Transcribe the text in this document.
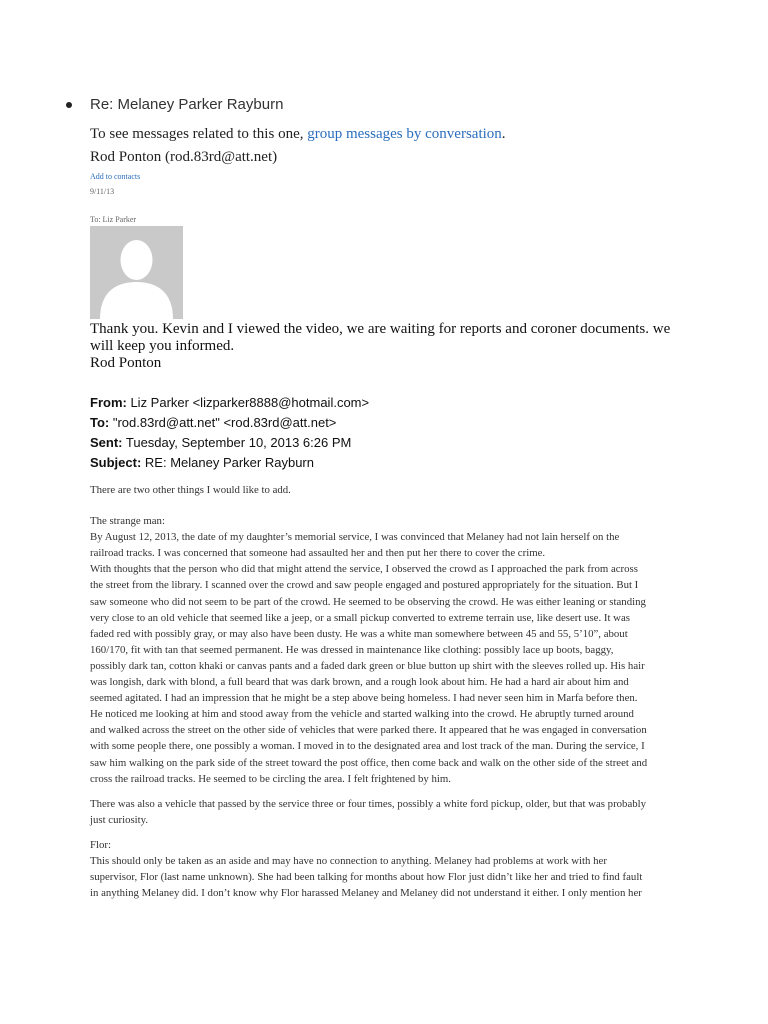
Re: Melaney Parker Rayburn
To see messages related to this one, group messages by conversation.
Rod Ponton (rod.83rd@att.net)
Add to contacts
9/11/13
To: Liz Parker
Thank you. Kevin and I viewed the video, we are waiting for reports and coroner documents. we
will keep you informed.
Rod Ponton
From: Liz Parker <lizparker8888@hotmail.com>
To: "rod.83rd@att.net" <rod.83rd@att.net>
Sent: Tuesday, September 10, 2013 6:26 PM
Subject: RE: Melaney Parker Rayburn

There are two other things I would like to add.

The strange man:

By August 12, 2013, the date of my daughter’s memorial service, I was convinced that Melaney had not lain herself on the

railroad tracks. I was concerned that someone had assaulted her and then put her there to cover the crime.

With thoughts that the person who did that might attend the service, I observed the crowd as I approached the park from across

the street from the library. I scanned over the crowd and saw people engaged and postured appropriately for the situation. But I

saw someone who did not seem to be part of the crowd. He seemed to be observing the crowd. He was either leaning or standing

very close to an old vehicle that seemed like a jeep, or a small pickup converted to extreme terrain use, like desert use. It was

faded red with possibly gray, or may also have been dusty. He was a white man somewhere between 45 and 55, 5’10”, about

160/170, fit with tan that seemed permanent. He was dressed in maintenance like clothing: possibly lace up boots, baggy,

possibly dark tan, cotton khaki or canvas pants and a faded dark green or blue button up shirt with the sleeves rolled up. His hair

was longish, dark with blond, a full beard that was dark brown, and a rough look about him. He had a hard air about him and

seemed agitated. I had an impression that he might be a step above being homeless. I had never seen him in Marfa before then.

He noticed me looking at him and stood away from the vehicle and started walking into the crowd. He abruptly turned around

and walked across the street on the other side of vehicles that were parked there. It appeared that he was engaged in conversation

with some people there, one possibly a woman. I moved in to the designated area and lost track of the man. During the service, I

saw him walking on the park side of the street toward the post office, then come back and walk on the other side of the street and

cross the railroad tracks. He seemed to be circling the area. I felt frightened by him.

There was also a vehicle that passed by the service three or four times, possibly a white ford pickup, older, but that was probably

just curiosity.

Flor:

This should only be taken as an aside and may have no connection to anything. Melaney had problems at work with her

supervisor, Flor (last name unknown). She had been talking for months about how Flor just didn’t like her and tried to find fault

in anything Melaney did. I don’t know why Flor harassed Melaney and Melaney did not understand it either. I only mention her
